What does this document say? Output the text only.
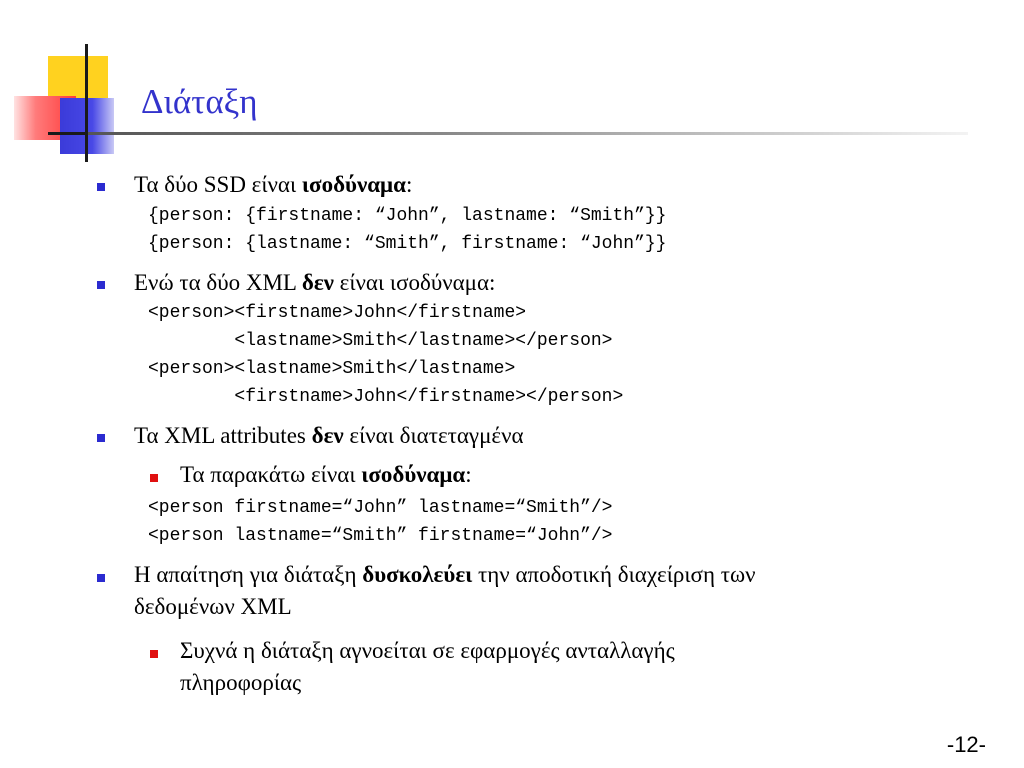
Διάταξη
Τα δύο SSD είναι ισοδύναμα:
{person: {firstname: “John”, lastname: “Smith”}}
{person: {lastname: “Smith”, firstname: “John”}}
Ενώ τα δύο XML δεν είναι ισοδύναμα:
<person><firstname>John</firstname>
<lastname>Smith</lastname></person>
<person><lastname>Smith</lastname>
<firstname>John</firstname></person>
Τα XML attributes δεν είναι διατεταγμένα
Τα παρακάτω είναι ισοδύναμα:
<person firstname=“John” lastname=“Smith”/>
<person lastname=“Smith” firstname=“John”/>
Η απαίτηση για διάταξη δυσκολεύει την αποδοτική διαχείριση των
δεδομένων XML
Συχνά η διάταξη αγνοείται σε εφαρμογές ανταλλαγής
πληροφορίας
-12-
